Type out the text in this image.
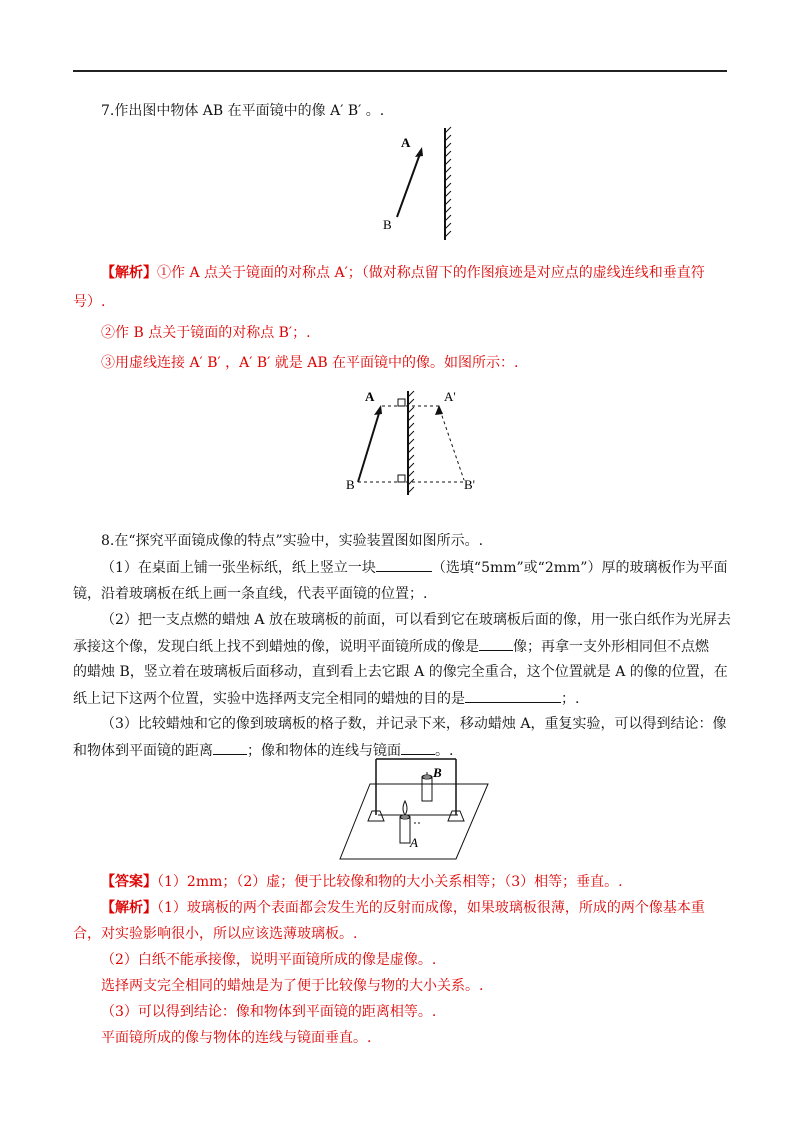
7.作出图中物体 AB 在平面镜中的像 A′ B′ 。.
A
B
【解析】①作 A 点关于镜面的对称点 A′；（做对称点留下的作图痕迹是对应点的虚线连线和垂直符
号）.
②作 B 点关于镜面的对称点 B′；.
③用虚线连接 A′ B′ ，A′ B′ 就是 AB 在平面镜中的像。如图所示：.
A
B
A'
B'
8.在“探究平面镜成像的特点”实验中，实验装置图如图所示。.
（1）在桌面上铺一张坐标纸，纸上竖立一块	（选填“5mm”或“2mm”）厚的玻璃板作为平面
镜，沿着玻璃板在纸上画一条直线，代表平面镜的位置；.
（2）把一支点燃的蜡烛 A 放在玻璃板的前面，可以看到它在玻璃板后面的像，用一张白纸作为光屏去
承接这个像，发现白纸上找不到蜡烛的像，说明平面镜所成的像是 像；再拿一支外形相同但不点燃
的蜡烛 B，竖立着在玻璃板后面移动，直到看上去它跟 A 的像完全重合，这个位置就是 A 的像的位置，在
纸上记下这两个位置，实验中选择两支完全相同的蜡烛的目的是	；.
（3）比较蜡烛和它的像到玻璃板的格子数，并记录下来，移动蜡烛 A，重复实验，可以得到结论：像
和物体到平面镜的距离 ；像和物体的连线与镜面 。.
B
A
【答案】（1）2mm；（2）虚；便于比较像和物的大小关系相等；（3）相等；垂直。.
【解析】（1）玻璃板的两个表面都会发生光的反射而成像，如果玻璃板很薄，所成的两个像基本重
合，对实验影响很小，所以应该选薄玻璃板。.
（2）白纸不能承接像，说明平面镜所成的像是虚像。.
选择两支完全相同的蜡烛是为了便于比较像与物的大小关系。.
（3）可以得到结论：像和物体到平面镜的距离相等。.
平面镜所成的像与物体的连线与镜面垂直。.
